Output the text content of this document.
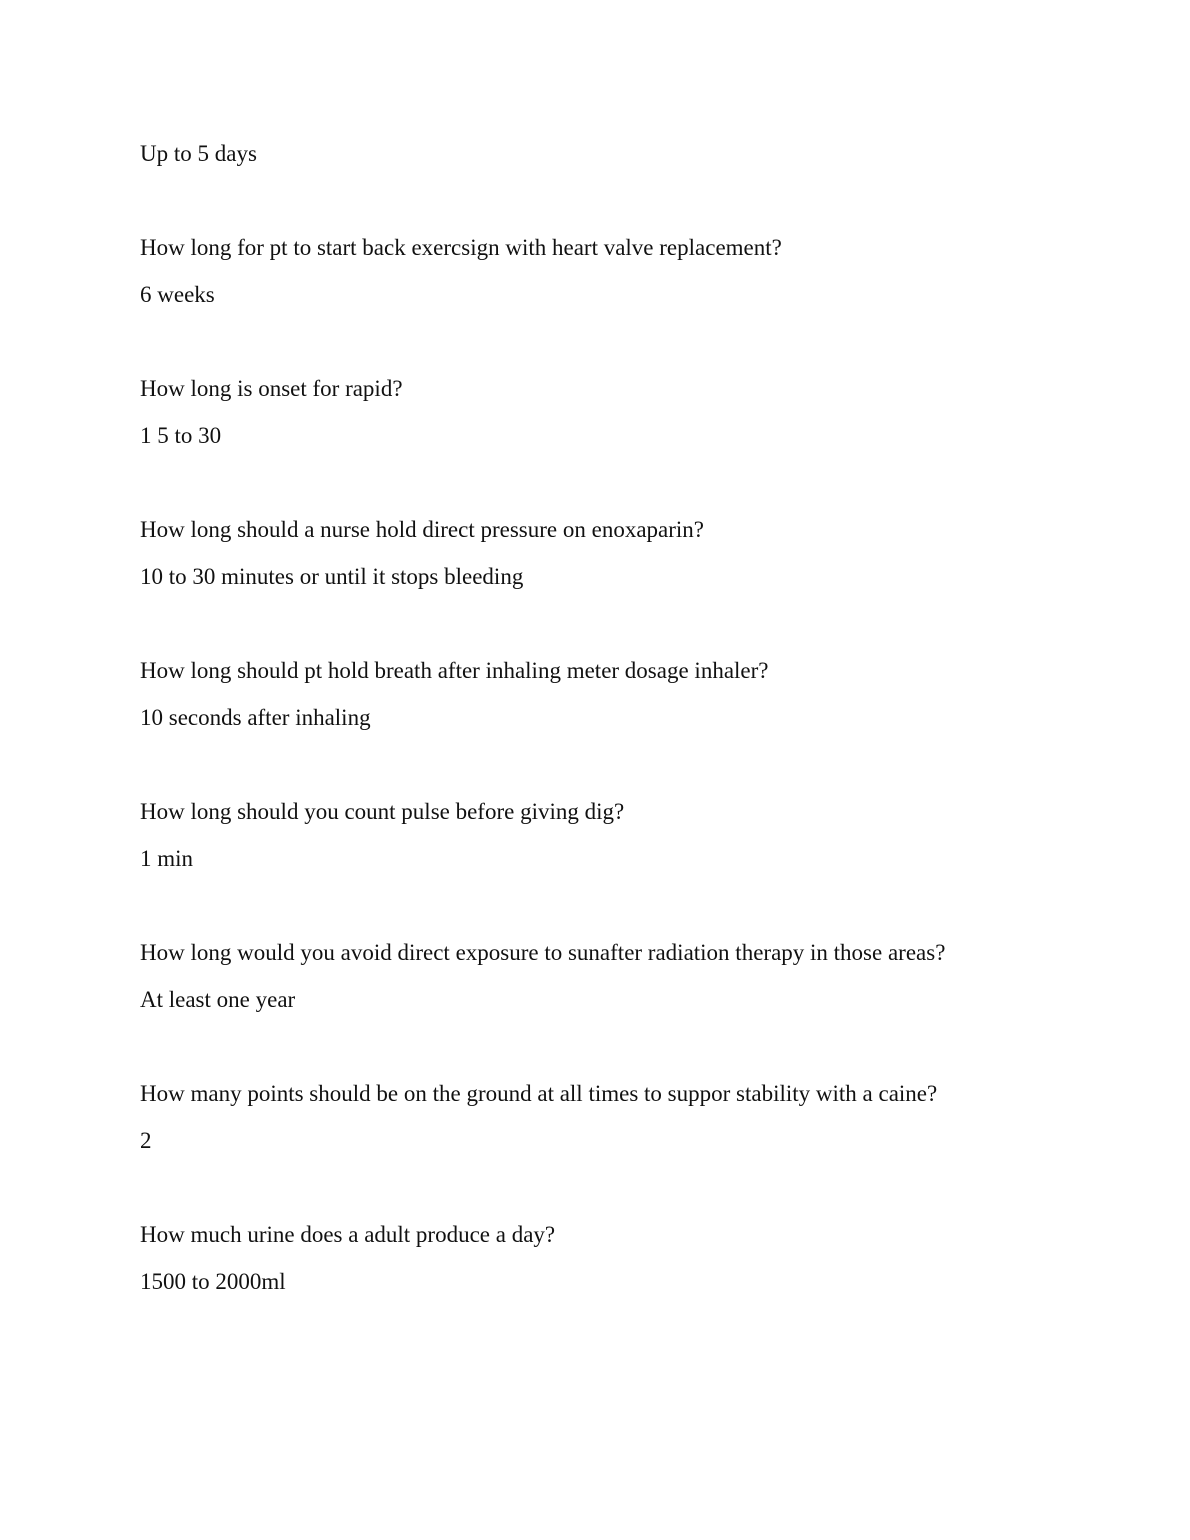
Up to 5 days

How long for pt to start back exercsign with heart valve replacement?

6 weeks

How long is onset for rapid?

1 5 to 30

How long should a nurse hold direct pressure on enoxaparin?

10 to 30 minutes or until it stops bleeding

How long should pt hold breath after inhaling meter dosage inhaler?

10 seconds after inhaling

How long should you count pulse before giving dig?

1 min

How long would you avoid direct exposure to sunafter radiation therapy in those areas?

At least one year

How many points should be on the ground at all times to suppor stability with a caine?

2

How much urine does a adult produce a day?

1500 to 2000ml
